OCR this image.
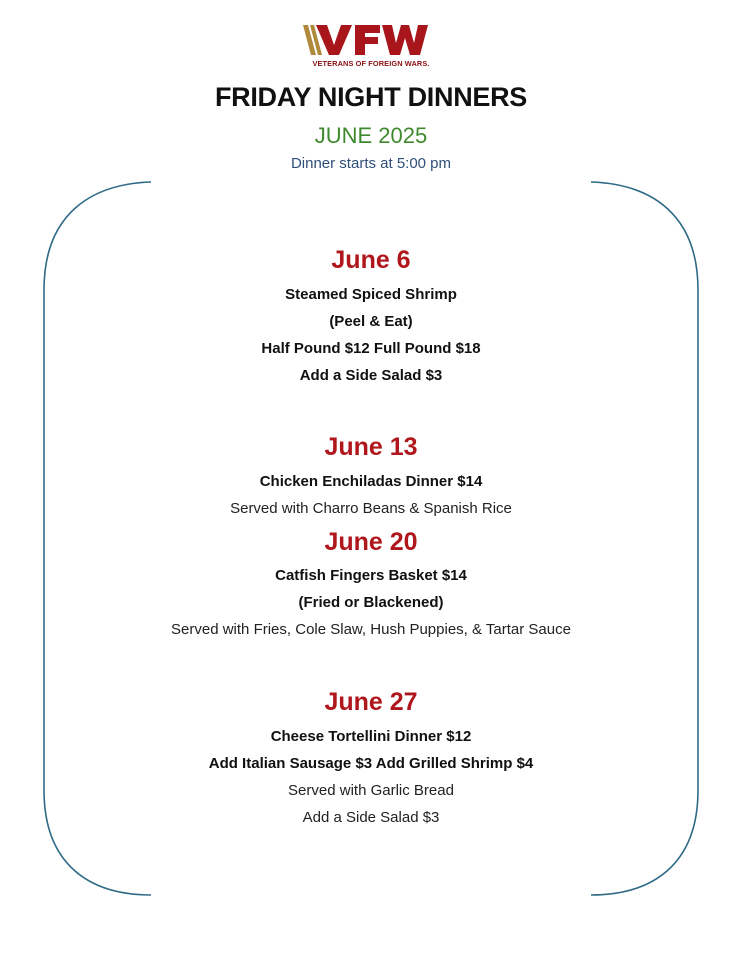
VETERANS OF FOREIGN WARS.
FRIDAY NIGHT DINNERS
JUNE 2025
Dinner starts at 5:00 pm
June 6
Steamed Spiced Shrimp
(Peel & Eat)
Half Pound $12 Full Pound $18
Add a Side Salad $3
June 13
Chicken Enchiladas Dinner $14
Served with Charro Beans & Spanish Rice
June 20
Catfish Fingers Basket $14
(Fried or Blackened)
Served with Fries, Cole Slaw, Hush Puppies, & Tartar Sauce
June 27
Cheese Tortellini Dinner $12
Add Italian Sausage $3 Add Grilled Shrimp $4
Served with Garlic Bread
Add a Side Salad $3
